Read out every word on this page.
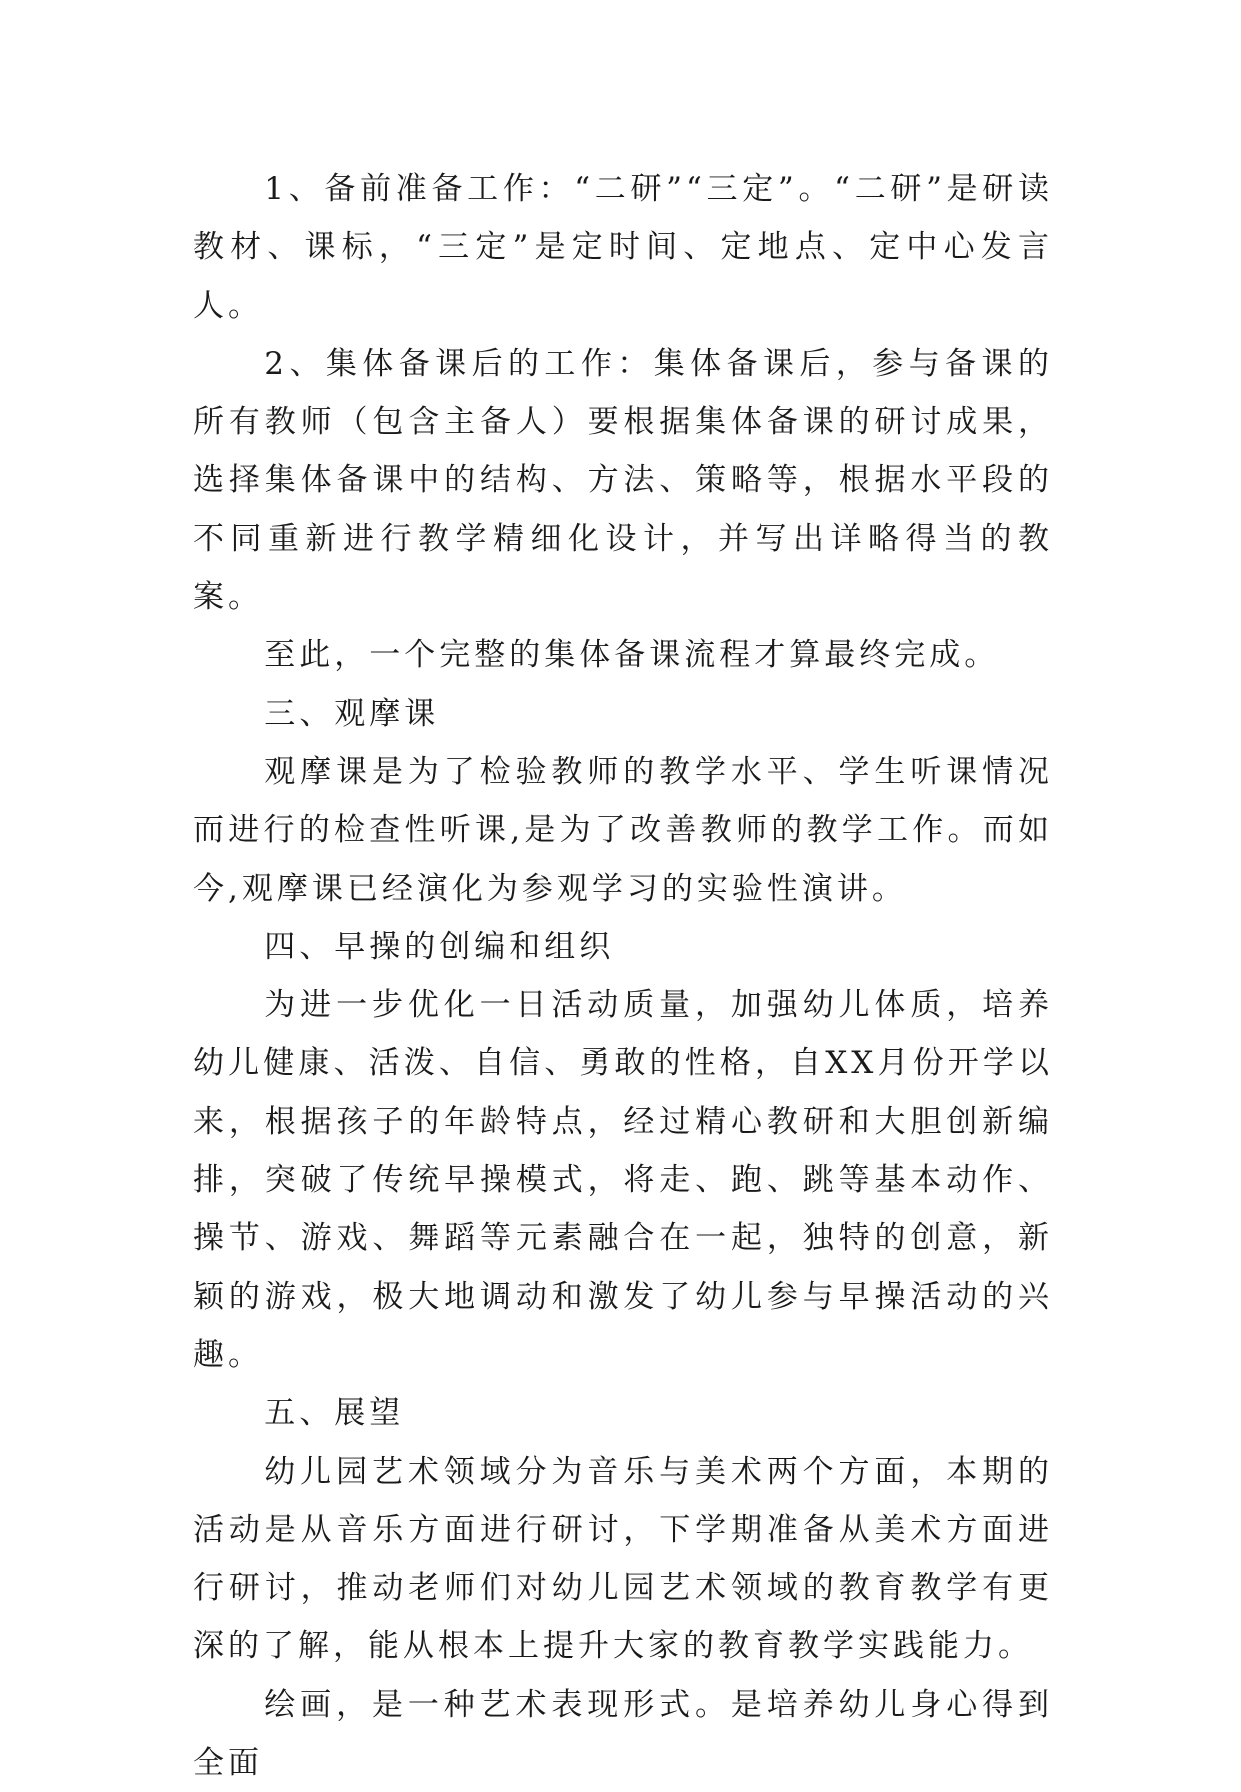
1、备前准备工作：“二研”“三定”。“二研”是研读教材、课标，“三定”是定时间、定地点、定中心发言人。

2、集体备课后的工作：集体备课后，参与备课的所有教师（包含主备人）要根据集体备课的研讨成果，选择集体备课中的结构、方法、策略等，根据水平段的不同重新进行教学精细化设计，并写出详略得当的教案。

至此，一个完整的集体备课流程才算最终完成。

三、观摩课

观摩课是为了检验教师的教学水平、学生听课情况而进行的检查性听课,是为了改善教师的教学工作。而如今,观摩课已经演化为参观学习的实验性演讲。

四、早操的创编和组织

为进一步优化一日活动质量，加强幼儿体质，培养幼儿健康、活泼、自信、勇敢的性格，自XX月份开学以来，根据孩子的年龄特点，经过精心教研和大胆创新编排，突破了传统早操模式，将走、跑、跳等基本动作、操节、游戏、舞蹈等元素融合在一起，独特的创意，新颖的游戏，极大地调动和激发了幼儿参与早操活动的兴趣。

五、展望

幼儿园艺术领域分为音乐与美术两个方面，本期的活动是从音乐方面进行研讨，下学期准备从美术方面进行研讨，推动老师们对幼儿园艺术领域的教育教学有更深的了解，能从根本上提升大家的教育教学实践能力。

绘画，是一种艺术表现形式。是培养幼儿身心得到全面
